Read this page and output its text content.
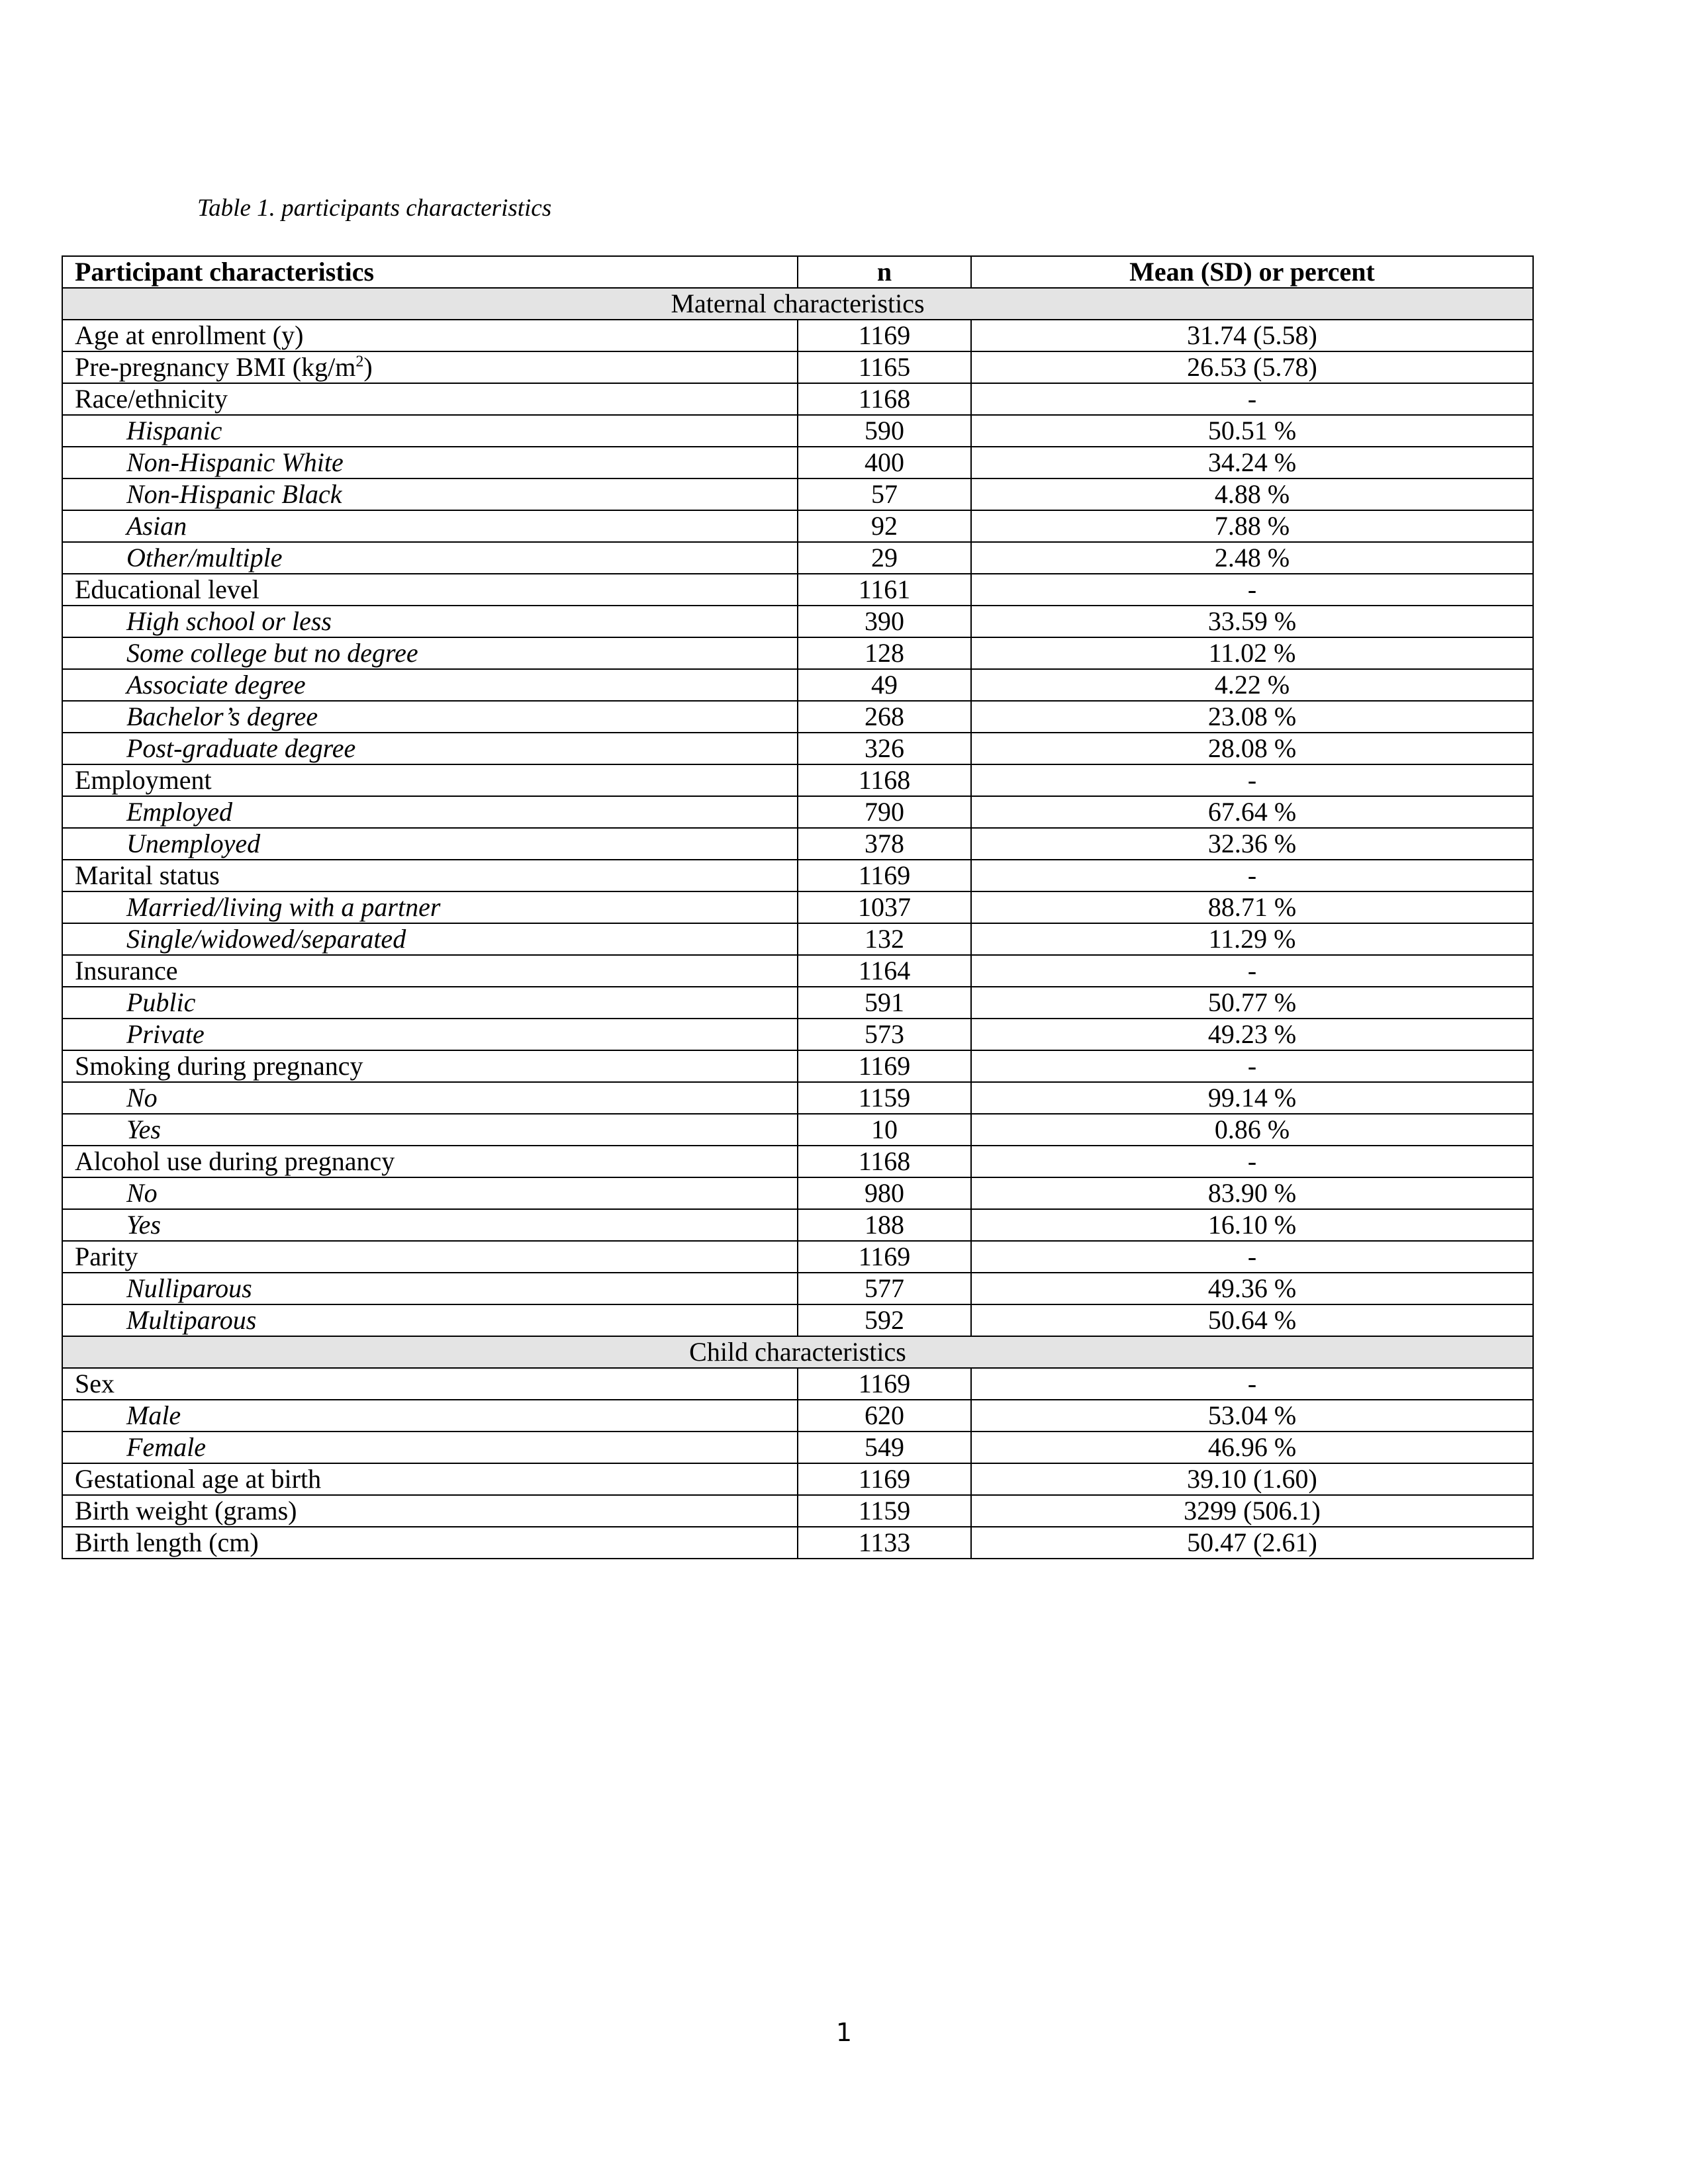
Table 1. participants characteristics
Participant characteristics	n	Mean (SD) or percent
Maternal characteristics		
Age at enrollment (y)	1169	31.74 (5.58)
Pre-pregnancy BMI $(kg/m^2)$	1165	26.53 (5.78)
Race/ethnicity	1168	-
Hispanic	590	50.51 %
Non-Hispanic White	400	34.24 %
Non-Hispanic Black	57	4.88 %
Asian	92	7.88 %
Other/multiple	29	2.48 %
Educational level	1161	-
High school or less	390	33.59 %
Some college but no degree	128	11.02 %
Associate degree	49	4.22 %
Bachelor’s degree	268	23.08 %
Post-graduate degree	326	28.08 %
Employment	1168	-
Employed	790	67.64 %
Unemployed	378	32.36 %
Marital status	1169	-
Married/living with a partner	1037	88.71 %
Single/widowed/separated	132	11.29 %
Insurance	1164	-
Public	591	50.77 %
Private	573	49.23 %
Smoking during pregnancy	1169	-
No	1159	99.14 %
Yes	10	0.86 %
Alcohol use during pregnancy	1168	-
No	980	83.90 %
Yes	188	16.10 %
Parity	1169	-
Nulliparous	577	49.36 %
Multiparous	592	50.64 %
Child characteristics		
Sex	1169	-
Male	620	53.04 %
Female	549	46.96 %
Gestational age at birth	1169	39.10 (1.60)
Birth weight (grams)	1159	3299 (506.1)
Birth length (cm)	1133	50.47 (2.61)
1
